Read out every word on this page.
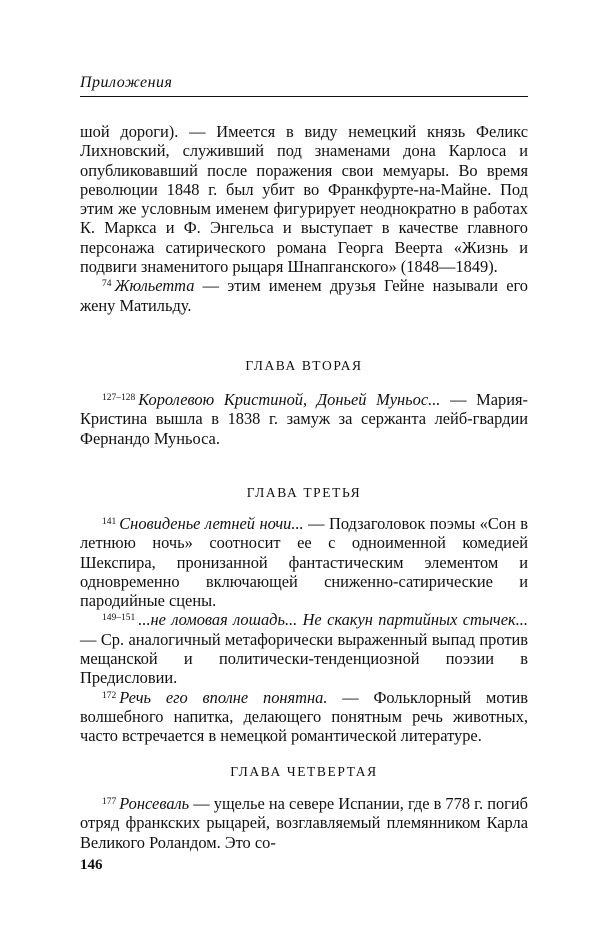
Приложения

шой дороги). — Имеется в виду немецкий князь Феликс Лихновский, служивший под знаменами дона Карлоса и опубликовавший после поражения свои мемуары. Во время революции 1848 г. был убит во Франкфурте-на-Майне. Под этим же условным именем фигурирует неоднократно в работах К. Маркса и Ф. Энгельса и выступает в качестве главного персонажа сатирического романа Георга Веерта «Жизнь и подвиги знаменитого рыцаря Шнапганского» (1848—1849).

$^{74}$ Жюльетта — этим именем друзья Гейне называли его жену Матильду.

ГЛАВА ВТОРАЯ

$^{127-128}$ Королевою Кристиной, Доньей Муньос... — Мария-Кристина вышла в 1838 г. замуж за сержанта лейб-гвардии Фернандо Муньоса.

ГЛАВА ТРЕТЬЯ

$^{141}$ Сновиденье летней ночи... — Подзаголовок поэмы «Сон в летнюю ночь» соотносит ее с одноименной комедией Шекспира, пронизанной фантастическим элементом и одновременно включающей сниженно-сатирические и пародийные сцены.

$^{149-151}$ ...не ломовая лошадь... Не скакун партийных стычек... — Ср. аналогичный метафорически выраженный выпад против мещанской и политически-тенденциозной поэзии в Предисловии.

$^{172}$ Речь его вполне понятна. — Фольклорный мотив волшебного напитка, делающего понятным речь животных, часто встречается в немецкой романтической литературе.

ГЛАВА ЧЕТВЕРТАЯ

$^{177}$ Ронсеваль — ущелье на севере Испании, где в 778 г. погиб отряд франкских рыцарей, возглавляемый племянником Карла Великого Роландом. Это со-

146
